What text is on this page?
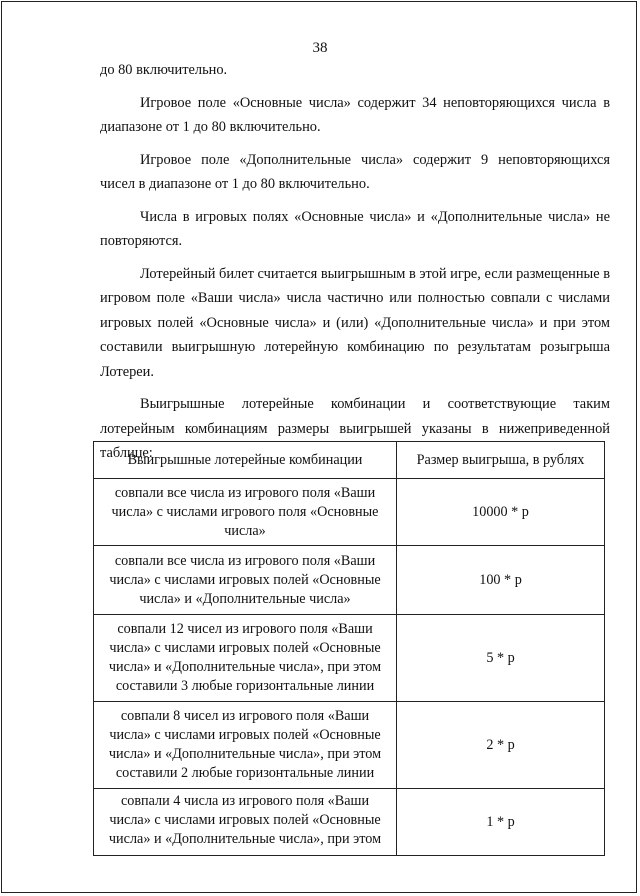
38

до 80 включительно.

Игровое поле «Основные числа» содержит 34 неповторяющихся числа в диапазоне от 1 до 80 включительно.

Игровое поле «Дополнительные числа» содержит 9 неповторяющихся чисел в диапазоне от 1 до 80 включительно.

Числа в игровых полях «Основные числа» и «Дополнительные числа» не повторяются.

Лотерейный билет считается выигрышным в этой игре, если размещенные в игровом поле «Ваши числа» числа частично или полностью совпали с числами игровых полей «Основные числа» и (или) «Дополнительные числа» и при этом составили выигрышную лотерейную комбинацию по результатам розыгрыша Лотереи.

Выигрышные лотерейные комбинации и соответствующие таким лотерейным комбинациям размеры выигрышей указаны в нижеприведенной таблице:

Выигрышные лотерейные комбинации	Размер выигрыша, в рублях
совпали все числа из игрового поля «Ваши числа» с числами игрового поля «Основные числа»	10000 * р
совпали все числа из игрового поля «Ваши числа» с числами игровых полей «Основные числа» и «Дополнительные числа»	100 * р
совпали 12 чисел из игрового поля «Ваши числа» с числами игровых полей «Основные числа» и «Дополнительные числа», при этом составили 3 любые горизонтальные линии	5 * р
совпали 8 чисел из игрового поля «Ваши числа» с числами игровых полей «Основные числа» и «Дополнительные числа», при этом составили 2 любые горизонтальные линии	2 * р
совпали 4 числа из игрового поля «Ваши числа» с числами игровых полей «Основные числа» и «Дополнительные числа», при этом	1 * р
